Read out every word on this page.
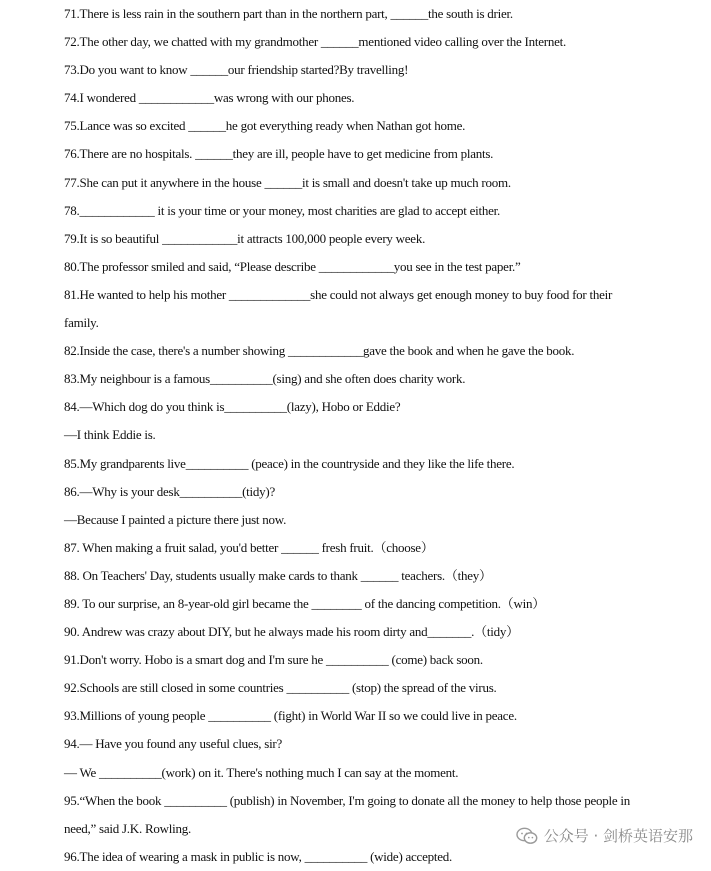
71.There is less rain in the southern part than in the northern part, ______the south is drier.
72.The other day, we chatted with my grandmother ______mentioned video calling over the Internet.
73.Do you want to know ______our friendship started?By travelling!
74.I wondered ____________was wrong with our phones.
75.Lance was so excited ______he got everything ready when Nathan got home.
76.There are no hospitals. ______they are ill, people have to get medicine from plants.
77.She can put it anywhere in the house ______it is small and doesn't take up much room.
78.____________ it is your time or your money, most charities are glad to accept either.
79.It is so beautiful ____________it attracts 100,000 people every week.
80.The professor smiled and said, “Please describe ____________you see in the test paper.”
81.He wanted to help his mother _____________she could not always get enough money to buy food for their
family.
82.Inside the case, there's a number showing ____________gave the book and when he gave the book.
83.My neighbour is a famous__________(sing) and she often does charity work.
84.—Which dog do you think is__________(lazy), Hobo or Eddie?
—I think Eddie is.
85.My grandparents live__________ (peace) in the countryside and they like the life there.
86.—Why is your desk__________(tidy)?
—Because I painted a picture there just now.
87. When making a fruit salad, you'd better ______ fresh fruit.（choose）
88. On Teachers' Day, students usually make cards to thank ______ teachers.（they）
89. To our surprise, an 8-year-old girl became the ________ of the dancing competition.（win）
90. Andrew was crazy about DIY, but he always made his room dirty and_______.（tidy）
91.Don't worry. Hobo is a smart dog and I'm sure he __________ (come) back soon.
92.Schools are still closed in some countries __________ (stop) the spread of the virus.
93.Millions of young people __________ (fight) in World War II so we could live in peace.
94.— Have you found any useful clues, sir?
— We __________(work) on it. There's nothing much I can say at the moment.
95.“When the book __________ (publish) in November, I'm going to donate all the money to help those people in
need,” said J.K. Rowling.
96.The idea of wearing a mask in public is now, __________ (wide) accepted.
公众号 · 剑桥英语安那
